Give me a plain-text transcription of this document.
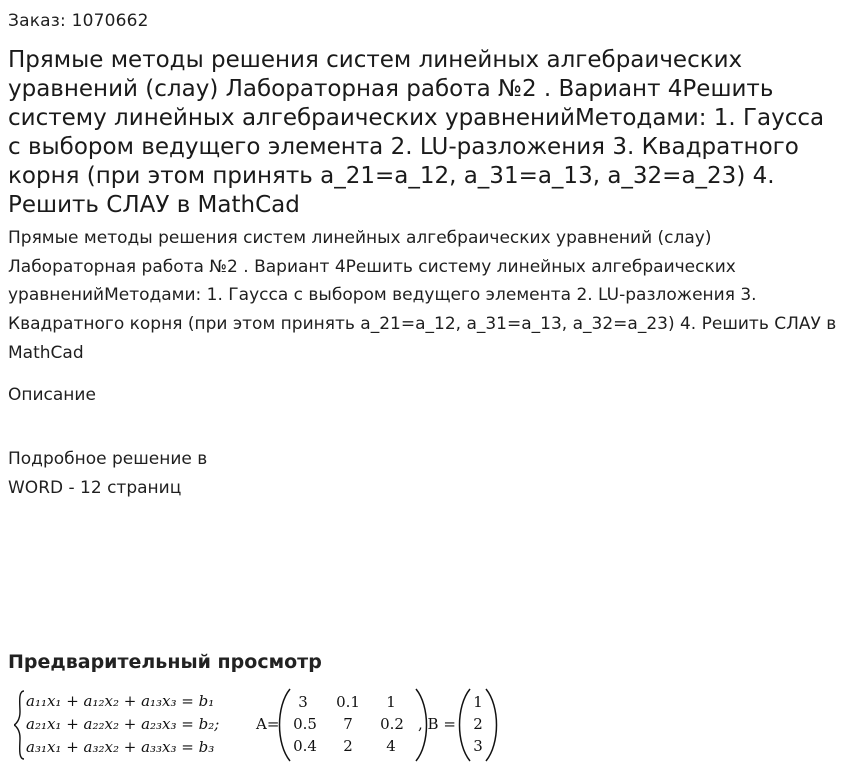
Заказ: 1070662
Прямые методы решения систем линейных алгебраических уравнений (слау) Лабораторная работа №2 . Вариант 4Решить систему линейных алгебраических уравненийМетодами: 1. Гаусса с выбором ведущего элемента 2. LU-разложения 3. Квадратного корня (при этом принять a_21=a_12, a_31=a_13, a_32=a_23) 4. Решить СЛАУ в MathCad
Прямые методы решения систем линейных алгебраических уравнений (слау) Лабораторная работа №2 . Вариант 4Решить систему линейных алгебраических уравненийМетодами: 1. Гаусса с выбором ведущего элемента 2. LU-разложения 3. Квадратного корня (при этом принять a_21=a_12, a_31=a_13, a_32=a_23) 4. Решить СЛАУ в MathCad
Описание
Подробное решение в
WORD - 12 страниц
Предварительный просмотр
a₁₁x₁ + a₁₂x₂ + a₁₃x₃ = b₁
a₂₁x₁ + a₂₂x₂ + a₂₃x₃ = b₂;
a₃₁x₁ + a₃₂x₂ + a₃₃x₃ = b₃
A=
3 0.1 1
0.5 7 0.2
0.4 2 4
, B =
1
2
3
